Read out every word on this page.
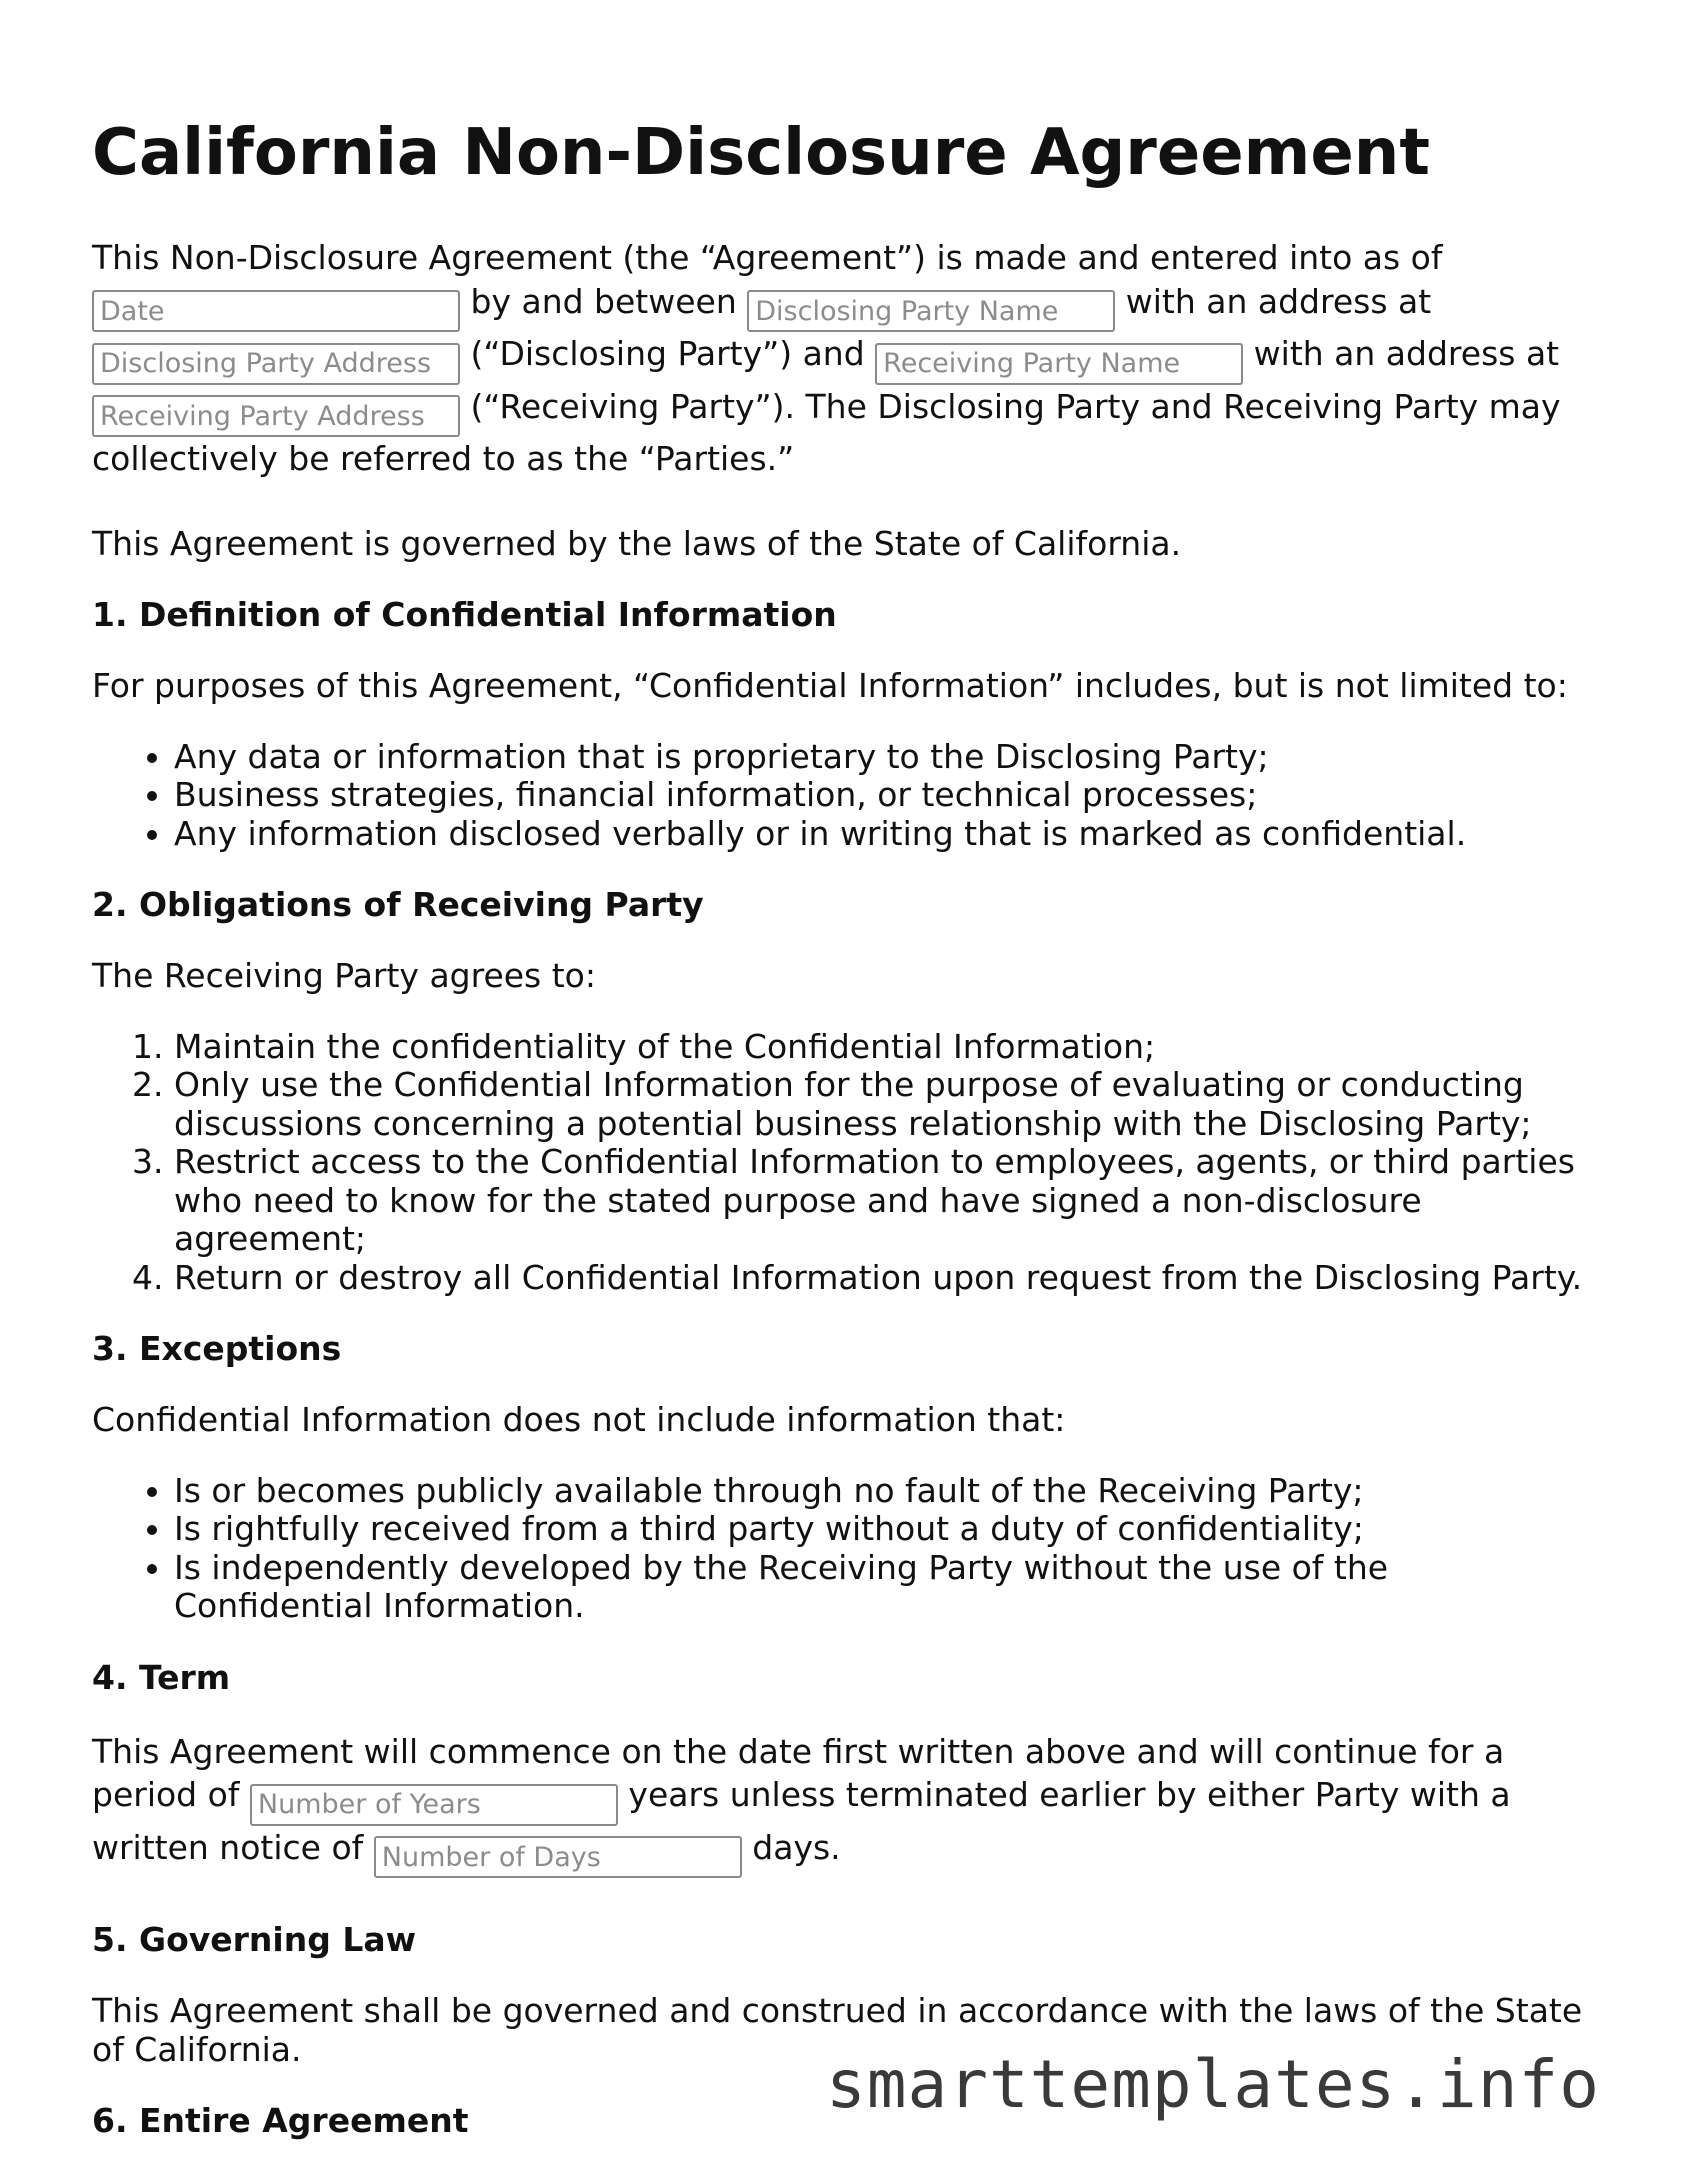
California Non-Disclosure Agreement

This Non-Disclosure Agreement (the “Agreement”) is made and entered into as of
Date by and between Disclosing Party Name	with an address at
Disclosing Party Address (“Disclosing Party”) and Receiving Party Name	with an address at
Receiving Party Address (“Receiving Party”). The Disclosing Party and Receiving Party may collectively be referred to as the “Parties.”

This Agreement is governed by the laws of the State of California.

1. Definition of Confidential Information

For purposes of this Agreement, “Confidential Information” includes, but is not limited to:

• Any data or information that is proprietary to the Disclosing Party;
• Business strategies, financial information, or technical processes;
• Any information disclosed verbally or in writing that is marked as confidential.
2. Obligations of Receiving Party

The Receiving Party agrees to:

1. Maintain the confidentiality of the Confidential Information;
2. Only use the Confidential Information for the purpose of evaluating or conducting discussions concerning a potential business relationship with the Disclosing Party;
3. Restrict access to the Confidential Information to employees, agents, or third parties who need to know for the stated purpose and have signed a non-disclosure agreement;
4. Return or destroy all Confidential Information upon request from the Disclosing Party.
3. Exceptions

Confidential Information does not include information that:

• Is or becomes publicly available through no fault of the Receiving Party;
• Is rightfully received from a third party without a duty of confidentiality;
• Is independently developed by the Receiving Party without the use of the Confidential Information.
4. Term

This Agreement will commence on the date first written above and will continue for a period of Number of Years	years unless terminated earlier by either Party with a written notice of Number of Days	days.

5. Governing Law

This Agreement shall be governed and construed in accordance with the laws of the State of California.

6. Entire Agreement	smarttemplates.info
